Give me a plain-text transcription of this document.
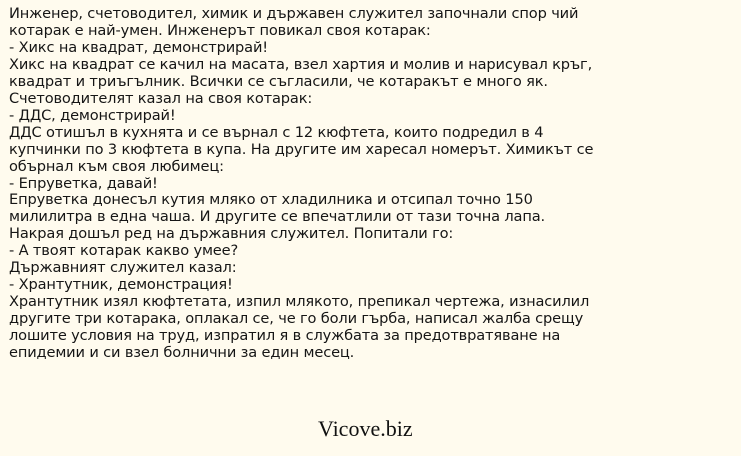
Инженер, счетоводител, химик и държавен служител започнали спор чий
котарак е най-умен. Инженерът повикал своя котарак:
- Хикс на квадрат, демонстрирай!
Хикс на квадрат се качил на масата, взел хартия и молив и нарисувал кръг,
квадрат и триъгълник. Всички се съгласили, че котаракът е много як.
Счетоводителят казал на своя котарак:
- ДДС, демонстрирай!
ДДС отишъл в кухнята и се върнал с 12 кюфтета, които подредил в 4
купчинки по 3 кюфтета в купа. На другите им харесал номерът. Химикът се
обърнал към своя любимец:
- Епруветка, давай!
Епруветка донесъл кутия мляко от хладилника и отсипал точно 150
милилитра в една чаша. И другите се впечатлили от тази точна лапа.
Накрая дошъл ред на държавния служител. Попитали го:
- А твоят котарак какво умее?
Държавният служител казал:
- Хрантутник, демонстрация!
Хрантутник изял кюфтетата, изпил млякото, препикал чертежа, изнасилил
другите три котарака, оплакал се, че го боли гърба, написал жалба срещу
лошите условия на труд, изпратил я в службата за предотвратяване на
епидемии и си взел болнични за един месец.
Vicove.biz
